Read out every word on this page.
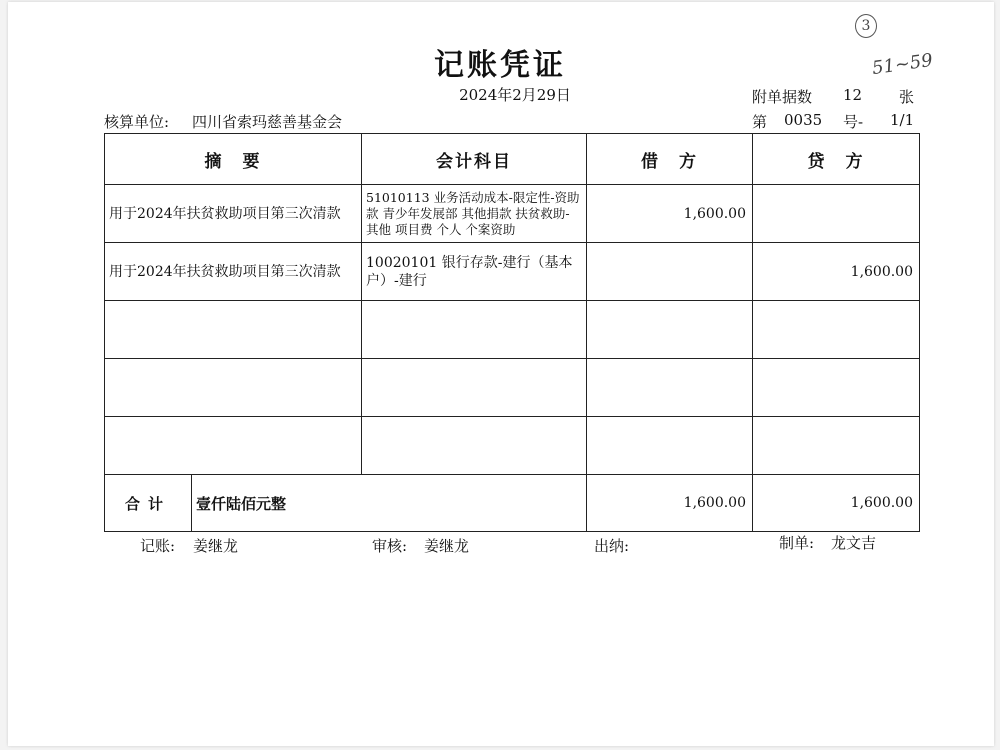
3
51~59
记账凭证
2024年2月29日
核算单位: 四川省索玛慈善基金会
附单据数 12 张
第 0035 号- 1/1
摘　要		会计科目	借　方	贷　方

用于2024年扶贫救助项目第三次清款		51010113 业务活动成本-限定性-资助款 青少年发展部 其他捐款 扶贫救助-其他 项目费 个人 个案资助	1,600.00	

用于2024年扶贫救助项目第三次清款		10020101 银行存款-建行（基本户）-建行		1,600.00

合计	壹仟陆佰元整		1,600.00	1,600.00
记账: 姜继龙	审核: 姜继龙	出纳:	制单: 龙文吉
